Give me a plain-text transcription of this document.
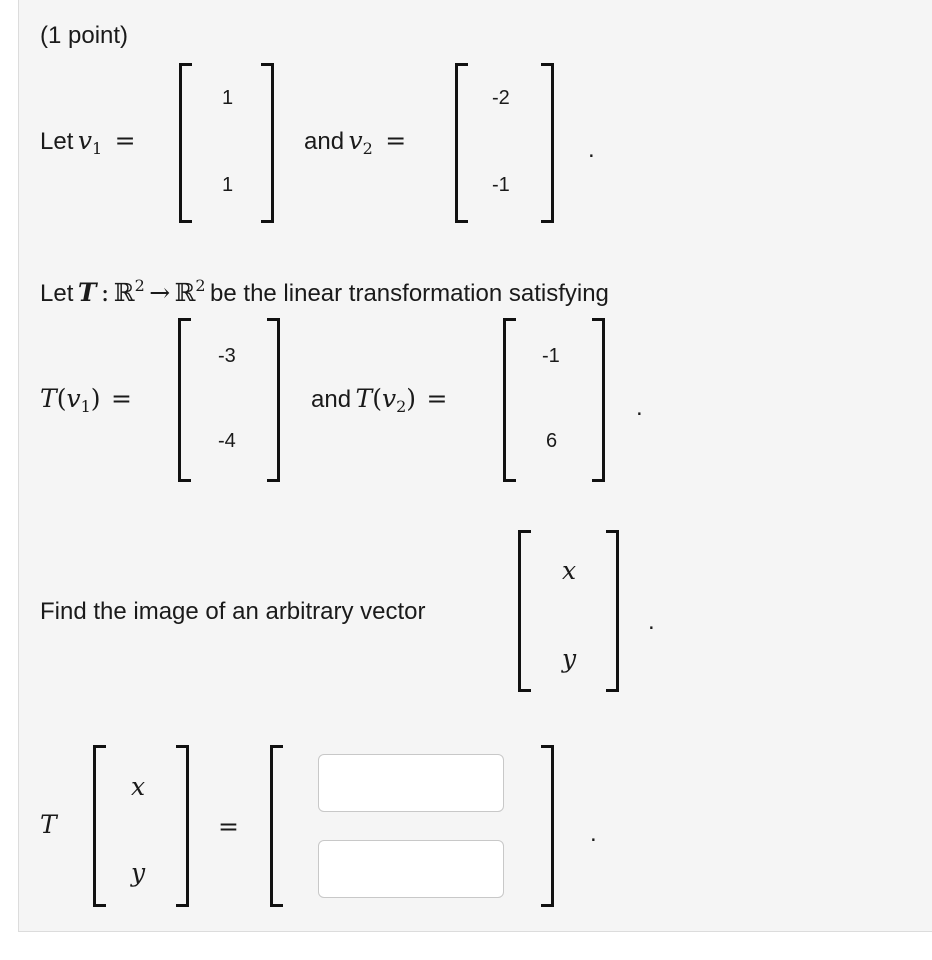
(1 point)
Let $v_1$ =
1
1
and $v_2$ =
-2
-1
.
Let T : ℝ$^2$ → ℝ$^2$ be the linear transformation satisfying
$T(v_1)$ =
-3
-4
and $T(v_2)$ =
-1
6
.
Find the image of an arbitrary vector
x
y
.
T
x
y
=	.
